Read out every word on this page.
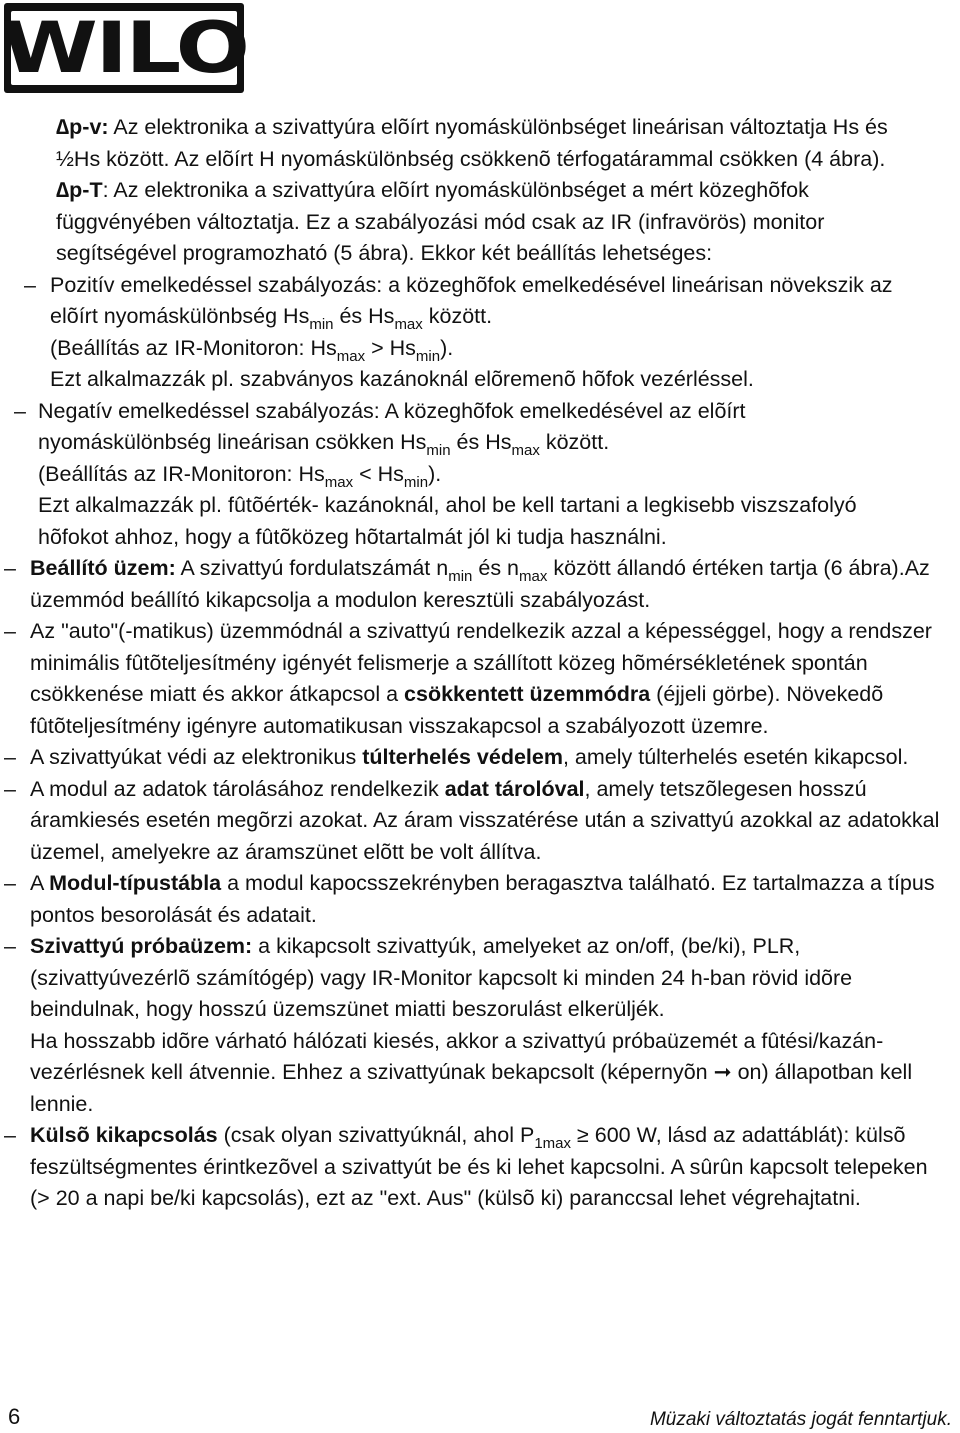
WILO

∆p-v: Az elektronika a szivattyúra elõírt nyomáskülönbséget lineárisan változtatja Hs és ½Hs között. Az elõírt H nyomáskülönbség csökkenõ térfogatárammal csökken (4 ábra).

∆p-T: Az elektronika a szivattyúra elõírt nyomáskülönbséget a mért közeghõfok függvényében változtatja. Ez a szabályozási mód csak az IR (infravörös) monitor segítségével programozható (5 ábra). Ekkor két beállítás lehetséges:

– Pozitív emelkedéssel szabályozás: a közeghõfok emelkedésével lineárisan növekszik az elõírt nyomáskülönbség $Hs_{min}$ és $Hs_{max}$ között.

(Beállítás az IR-Monitoron: $Hs_{max} > Hs_{min}$).

Ezt alkalmazzák pl. szabványos kazánoknál elõremenõ hõfok vezérléssel.

– Negatív emelkedéssel szabályozás: A közeghõfok emelkedésével az elõírt nyomáskülönbség lineárisan csökken $Hs_{min}$ és $Hs_{max}$ között.

(Beállítás az IR-Monitoron: $Hs_{max} < Hs_{min}$).

Ezt alkalmazzák pl. fûtõérték- kazánoknál, ahol be kell tartani a legkisebb viszszafolyó hõfokot ahhoz, hogy a fûtõközeg hõtartalmát jól ki tudja használni.

– Beállító üzem: A szivattyú fordulatszámát $n_{min}$ és $n_{max}$ között állandó értéken tartja (6 ábra).Az üzemmód beállító kikapcsolja a modulon keresztüli szabályozást.

– Az "auto"(-matikus) üzemmódnál a szivattyú rendelkezik azzal a képességgel, hogy a rendszer minimális fûtõteljesítmény igényét felismerje a szállított közeg hõmérsékletének spontán csökkenése miatt és akkor átkapcsol a csökkentett üzemmódra (éjjeli görbe). Növekedõ fûtõteljesítmény igényre automatikusan visszakapcsol a szabályozott üzemre.

– A szivattyúkat védi az elektronikus túlterhelés védelem, amely túlterhelés esetén kikapcsol.

– A modul az adatok tárolásához rendelkezik adat tárolóval, amely tetszõlegesen hosszú áramkiesés esetén megõrzi azokat. Az áram visszatérése után a szivattyú azokkal az adatokkal üzemel, amelyekre az áramszünet elõtt be volt állítva.

– A Modul-típustábla a modul kapocsszekrényben beragasztva található. Ez tartalmazza a típus pontos besorolását és adatait.

– Szivattyú próbaüzem: a kikapcsolt szivattyúk, amelyeket az on/off, (be/ki), PLR, (szivattyúvezérlõ számítógép) vagy IR-Monitor kapcsolt ki minden 24 h-ban rövid idõre beindulnak, hogy hosszú üzemszünet miatti beszorulást elkerüljék.

Ha hosszabb idõre várható hálózati kiesés, akkor a szivattyú próbaüzemét a fûtési/kazán-vezérlésnek kell átvennie. Ehhez a szivattyúnak bekapcsolt (képernyõn ➞ on) állapotban kell lennie.

– Külsõ kikapcsolás (csak olyan szivattyúknál, ahol $P_{1max} \ge 600$ W, lásd az adattáblát): külsõ feszültségmentes érintkezõvel a szivattyút be és ki lehet kapcsolni. A sûrûn kapcsolt telepeken (> 20 a napi be/ki kapcsolás), ezt az "ext. Aus" (külsõ ki) paranccsal lehet végrehajtatni.

6	Müzaki változtatás jogát fenntartjuk.
